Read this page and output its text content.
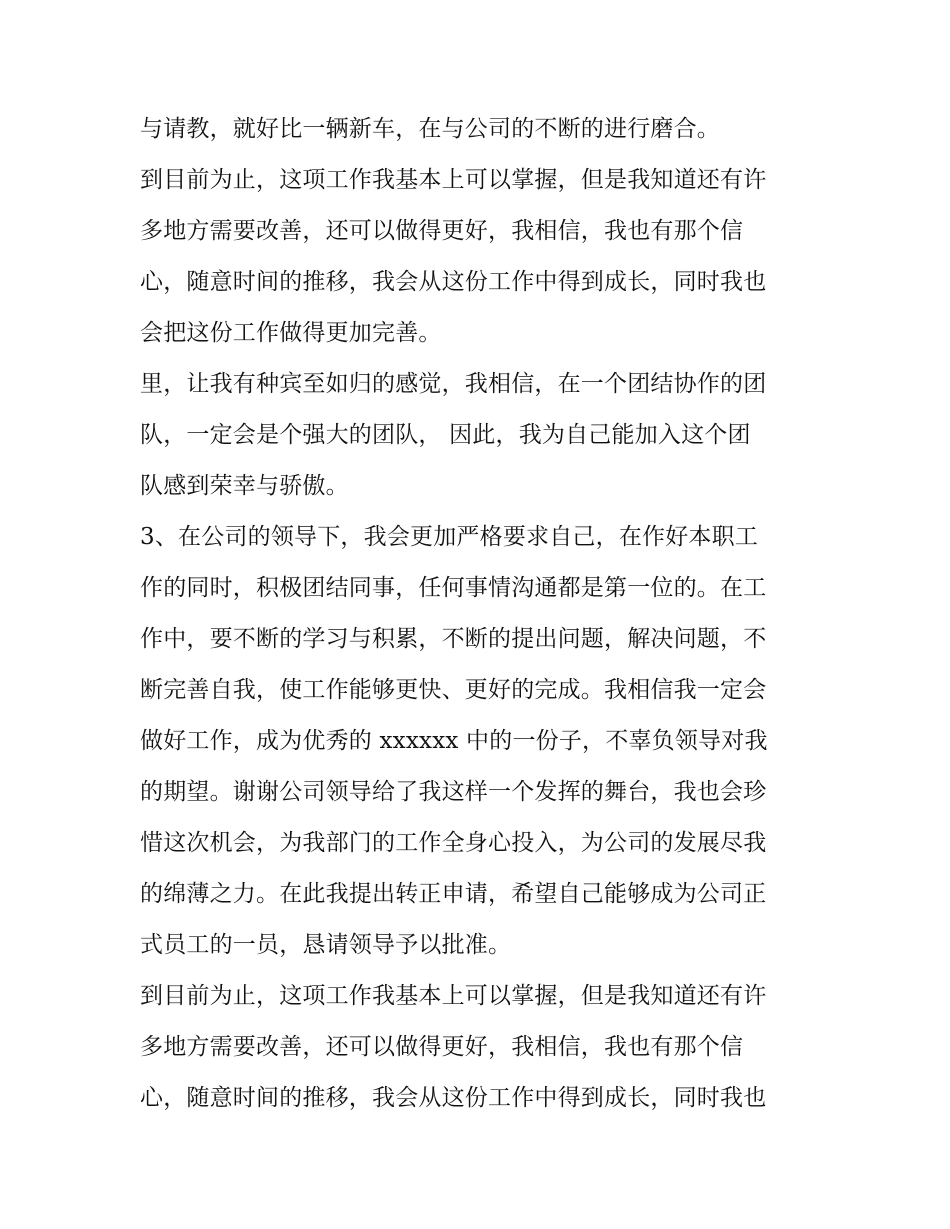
与请教，就好比一辆新车，在与公司的不断的进行磨合。
到目前为止，这项工作我基本上可以掌握，但是我知道还有许
多地方需要改善，还可以做得更好，我相信，我也有那个信
心，随意时间的推移，我会从这份工作中得到成长，同时我也
会把这份工作做得更加完善。
里，让我有种宾至如归的感觉，我相信，在一个团结协作的团
队，一定会是个强大的团队， 因此，我为自己能加入这个团
队感到荣幸与骄傲。
3、在公司的领导下，我会更加严格要求自己，在作好本职工
作的同时，积极团结同事，任何事情沟通都是第一位的。在工
作中，要不断的学习与积累，不断的提出问题，解决问题，不
断完善自我，使工作能够更快、更好的完成。我相信我一定会
做好工作，成为优秀的 xxxxxx 中的一份子，不辜负领导对我
的期望。谢谢公司领导给了我这样一个发挥的舞台，我也会珍
惜这次机会，为我部门的工作全身心投入，为公司的发展尽我
的绵薄之力。在此我提出转正申请，希望自己能够成为公司正
式员工的一员，恳请领导予以批准。
到目前为止，这项工作我基本上可以掌握，但是我知道还有许
多地方需要改善，还可以做得更好，我相信，我也有那个信
心，随意时间的推移，我会从这份工作中得到成长，同时我也
